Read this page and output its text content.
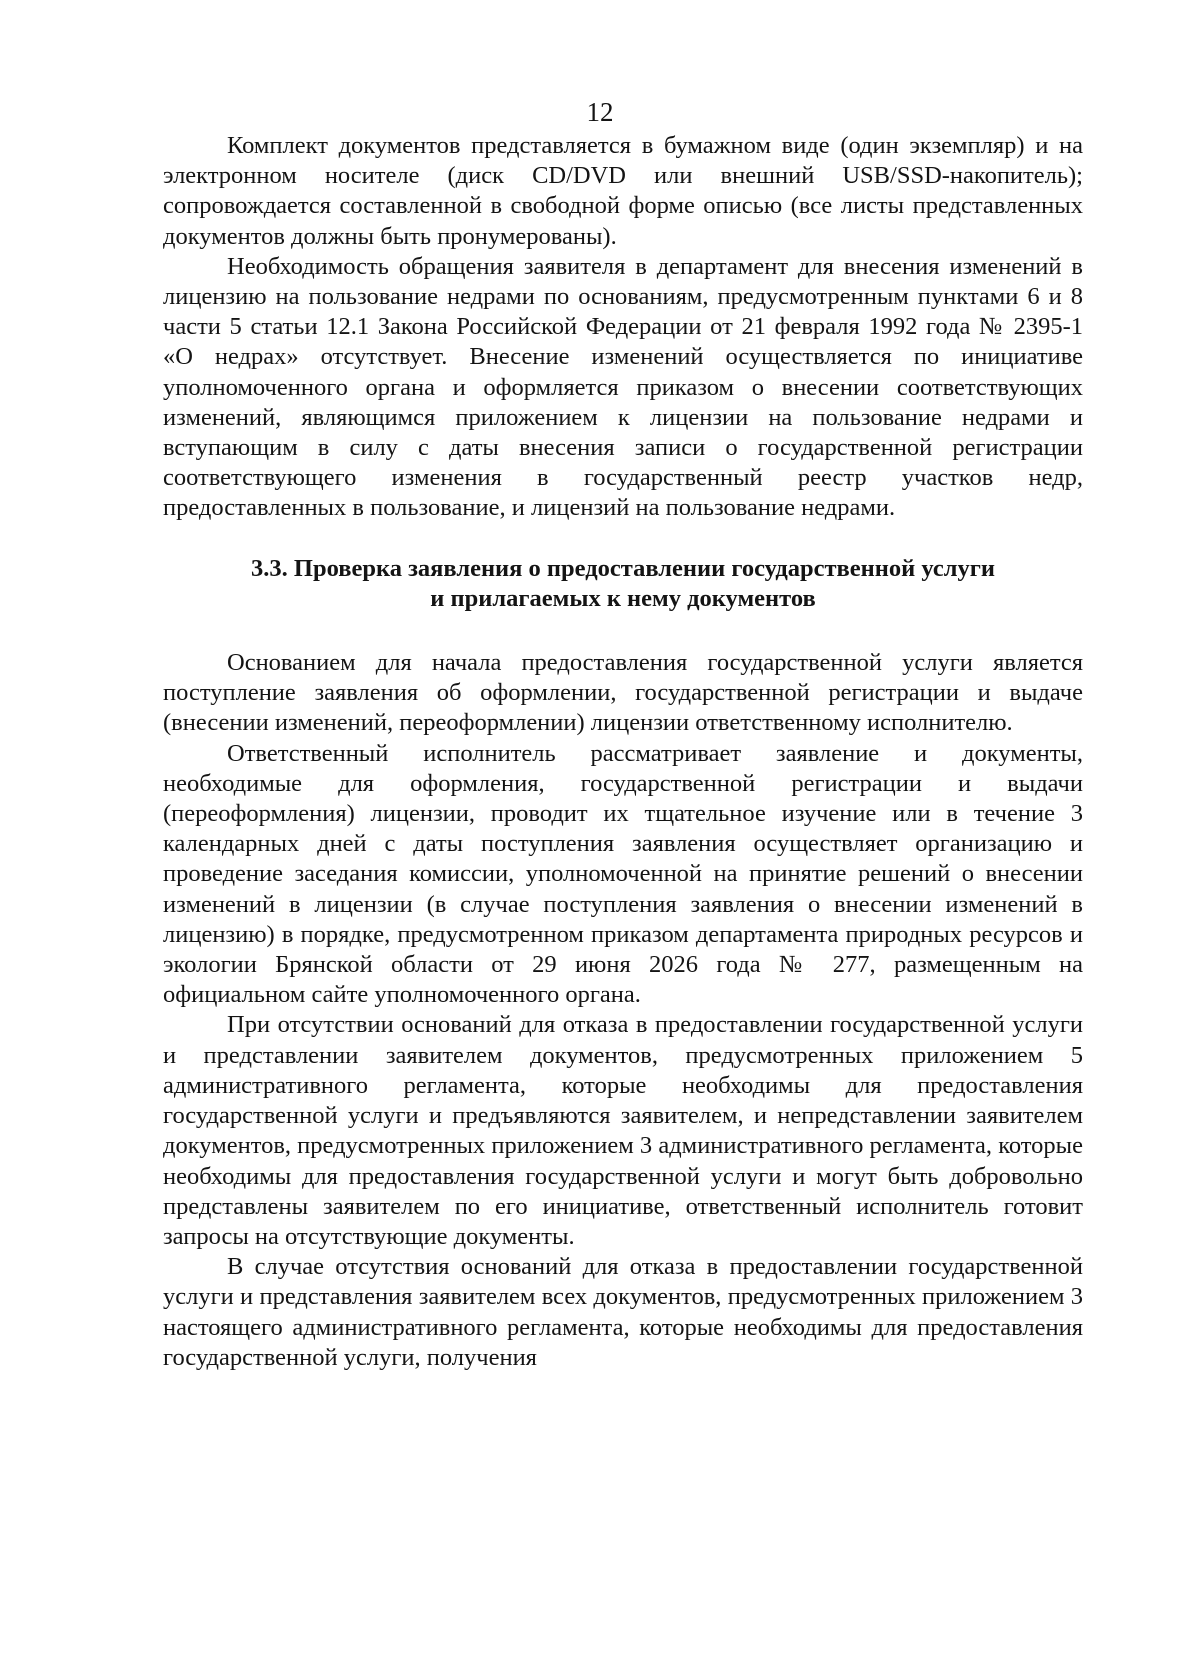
12

Комплект документов представляется в бумажном виде (один экземпляр) и на электронном носителе (диск CD/DVD или внешний USB/SSD-накопитель); сопровождается составленной в свободной форме описью (все листы представленных документов должны быть пронумерованы).

Необходимость обращения заявителя в департамент для внесения изменений в лицензию на пользование недрами по основаниям, предусмотренным пунктами 6 и 8 части 5 статьи 12.1 Закона Российской Федерации от 21 февраля 1992 года № 2395-1 «О недрах» отсутствует. Внесение изменений осуществляется по инициативе уполномоченного органа и оформляется приказом о внесении соответствующих изменений, являющимся приложением к лицензии на пользование недрами и вступающим в силу с даты внесения записи о государственной регистрации соответствующего изменения в государственный реестр участков недр, предоставленных в пользование, и лицензий на пользование недрами.

3.3. Проверка заявления о предоставлении государственной услуги
и прилагаемых к нему документов

Основанием для начала предоставления государственной услуги является поступление заявления об оформлении, государственной регистрации и выдаче (внесении изменений, переоформлении) лицензии ответственному исполнителю.

Ответственный исполнитель рассматривает заявление и документы, необходимые для оформления, государственной регистрации и выдачи (переоформления) лицензии, проводит их тщательное изучение или в течение 3 календарных дней с даты поступления заявления осуществляет организацию и проведение заседания комиссии, уполномоченной на принятие решений о внесении изменений в лицензии (в случае поступления заявления о внесении изменений в лицензию) в порядке, предусмотренном приказом департамента природных ресурсов и экологии Брянской области от 29 июня 2026 года № 277, размещенным на официальном сайте уполномоченного органа.

При отсутствии оснований для отказа в предоставлении государственной услуги и представлении заявителем документов, предусмотренных приложением 5 административного регламента, которые необходимы для предоставления государственной услуги и предъявляются заявителем, и непредставлении заявителем документов, предусмотренных приложением 3 административного регламента, которые необходимы для предоставления государственной услуги и могут быть добровольно представлены заявителем по его инициативе, ответственный исполнитель готовит запросы на отсутствующие документы.

В случае отсутствия оснований для отказа в предоставлении государственной услуги и представления заявителем всех документов, предусмотренных приложением 3 настоящего административного регламента, которые необходимы для предоставления государственной услуги, получения
